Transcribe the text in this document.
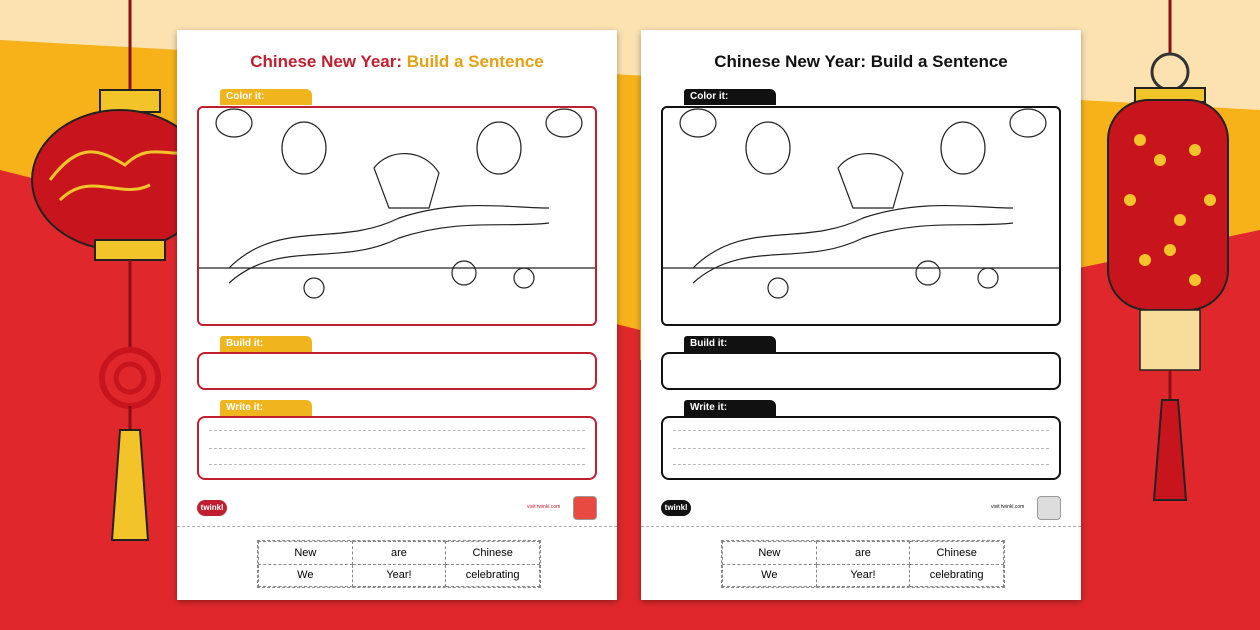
Chinese New Year: Build a Sentence
Color it:
Build it:
Write it:
twinkl	visit twinkl.com
New	are	Chinese
We	Year!	celebrating
Chinese New Year: Build a Sentence
Color it:
Build it:
Write it:
twinkl	visit twinkl.com
New	are	Chinese
We	Year!	celebrating
